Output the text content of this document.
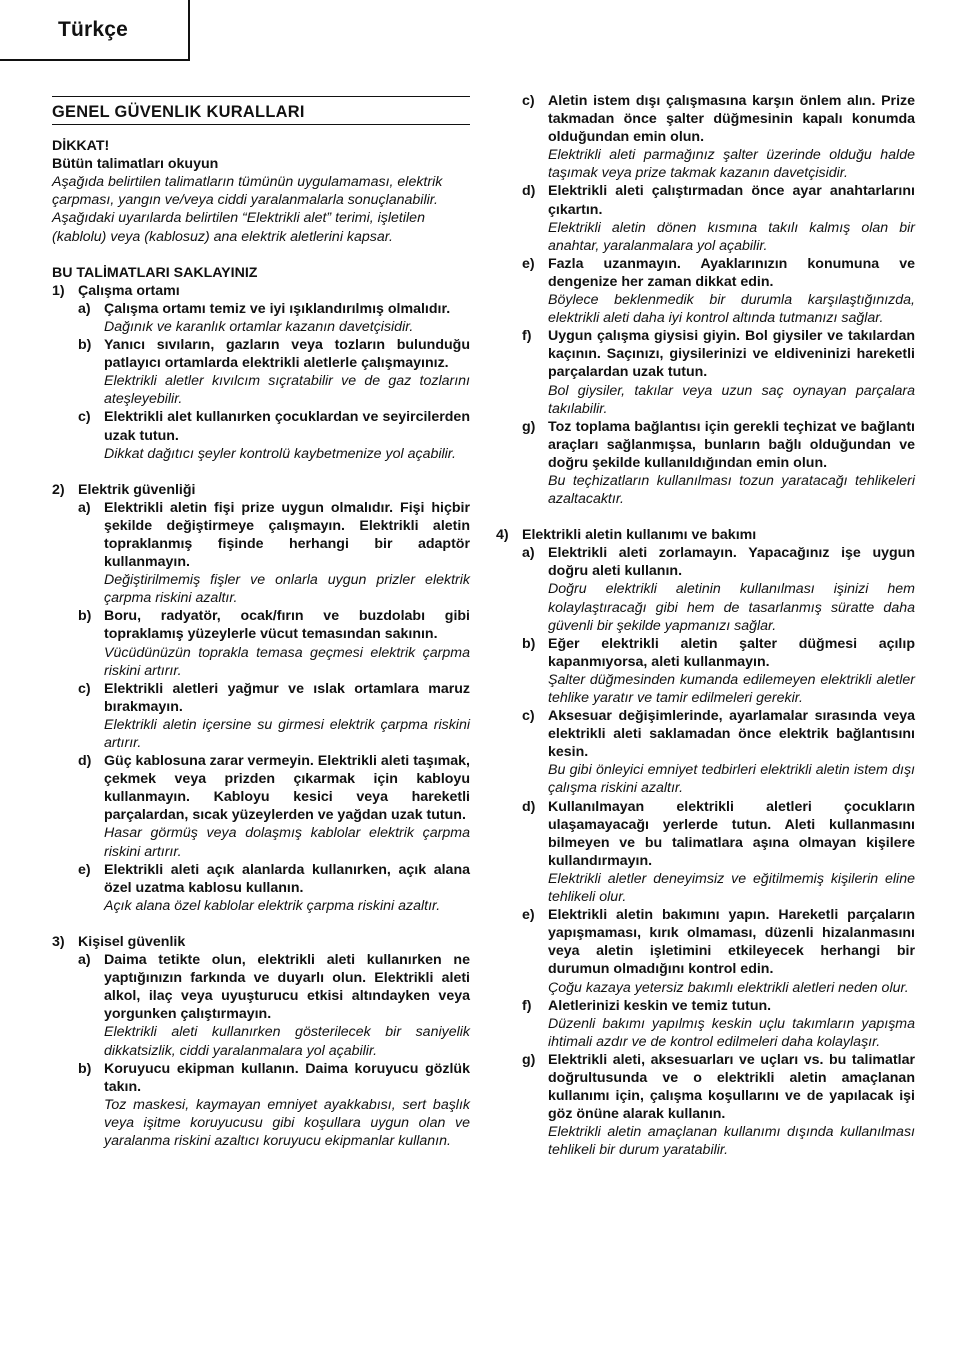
Türkçe
GENEL GÜVENLIK KURALLARI
DİKKAT!
Bütün talimatları okuyun
Aşağıda belirtilen talimatların tümünün uygulamaması, elektrik çarpması, yangın ve/veya ciddi yaralanmalarla sonuçlanabilir. Aşağıdaki uyarılarda belirtilen “Elektrikli alet” terimi, işletilen (kablolu) veya (kablosuz) ana elektrik aletlerini kapsar.
BU TALİMATLARI SAKLAYINIZ
1) Çalışma ortamı
a) Çalışma ortamı temiz ve iyi ışıklandırılmış olmalıdır.
Dağınık ve karanlık ortamlar kazanın davetçisidir.
b) Yanıcı sıvıların, gazların veya tozların bulunduğu patlayıcı ortamlarda elektrikli aletlerle çalışmayınız.
Elektrikli aletler kıvılcım sıçratabilir ve de gaz tozlarını ateşleyebilir.
c) Elektrikli alet kullanırken çocuklardan ve seyircilerden uzak tutun.
Dikkat dağıtıcı şeyler kontrolü kaybetmenize yol açabilir.
2) Elektrik güvenliği
a) Elektrikli aletin fişi prize uygun olmalıdır. Fişi hiçbir şekilde değiştirmeye çalışmayın. Elektrikli aletin topraklanmış fişinde herhangi bir adaptör kullanmayın.
Değiştirilmemiş fişler ve onlarla uygun prizler elektrik çarpma riskini azaltır.
b) Boru, radyatör, ocak/fırın ve buzdolabı gibi topraklamış yüzeylerle vücut temasından sakının.
Vücüdünüzün toprakla temasa geçmesi elektrik çarpma riskini artırır.
c) Elektrikli aletleri yağmur ve ıslak ortamlara maruz bırakmayın.
Elektrikli aletin içersine su girmesi elektrik çarpma riskini artırır.
d) Güç kablosuna zarar vermeyin. Elektrikli aleti taşımak, çekmek veya prizden çıkarmak için kabloyu kullanmayın. Kabloyu kesici veya hareketli parçalardan, sıcak yüzeylerden ve yağdan uzak tutun.
Hasar görmüş veya dolaşmış kablolar elektrik çarpma riskini artırır.
e) Elektrikli aleti açık alanlarda kullanırken, açık alana özel uzatma kablosu kullanın.
Açık alana özel kablolar elektrik çarpma riskini azaltır.
3) Kişisel güvenlik
a) Daima tetikte olun, elektrikli aleti kullanırken ne yaptığınızın farkında ve duyarlı olun. Elektrikli aleti alkol, ilaç veya uyuşturucu etkisi altındayken veya yorgunken çalıştırmayın.
Elektrikli aleti kullanırken gösterilecek bir saniyelik dikkatsizlik, ciddi yaralanmalara yol açabilir.
b) Koruyucu ekipman kullanın. Daima koruyucu gözlük takın.
Toz maskesi, kaymayan emniyet ayakkabısı, sert başlık veya işitme koruyucusu gibi koşullara uygun olan ve yaralanma riskini azaltıcı koruyucu ekipmanlar kullanın.
c) Aletin istem dışı çalışmasına karşın önlem alın. Prize takmadan önce şalter düğmesinin kapalı konumda olduğundan emin olun.
Elektrikli aleti parmağınız şalter üzerinde olduğu halde taşımak veya prize takmak kazanın davetçisidir.
d) Elektrikli aleti çalıştırmadan önce ayar anahtarlarını çıkartın.
Elektrikli aletin dönen kısmına takılı kalmış olan bir anahtar, yaralanmalara yol açabilir.
e) Fazla uzanmayın. Ayaklarınızın konumuna ve dengenize her zaman dikkat edin.
Böylece beklenmedik bir durumla karşılaştığınızda, elektrikli aleti daha iyi kontrol altında tutmanızı sağlar.
f)	Uygun çalışma giysisi giyin. Bol giysiler ve takılardan kaçının. Saçınızı, giysilerinizi ve eldiveninizi hareketli parçalardan uzak tutun.
Bol giysiler, takılar veya uzun saç oynayan parçalara takılabilir.
g) Toz toplama bağlantısı için gerekli teçhizat ve bağlantı araçları sağlanmışsa, bunların bağlı olduğundan ve doğru şekilde kullanıldığından emin olun.
Bu teçhizatların kullanılması tozun yaratacağı tehlikeleri azaltacaktır.
4) Elektrikli aletin kullanımı ve bakımı
a) Elektrikli aleti zorlamayın. Yapacağınız işe uygun doğru aleti kullanın.
Doğru elektrikli aletinin kullanılması işinizi hem kolaylaştıracağı gibi hem de tasarlanmış süratte daha güvenli bir şekilde yapmanızı sağlar.
b) Eğer elektrikli aletin şalter düğmesi açılıp kapanmıyorsa, aleti kullanmayın.
Şalter düğmesinden kumanda edilemeyen elektrikli aletler tehlike yaratır ve tamir edilmeleri gerekir.
c) Aksesuar değişimlerinde, ayarlamalar sırasında veya elektrikli aleti saklamadan önce elektrik bağlantısını kesin.
Bu gibi önleyici emniyet tedbirleri elektrikli aletin istem dışı çalışma riskini azaltır.
d) Kullanılmayan elektrikli aletleri çocukların ulaşamayacağı yerlerde tutun. Aleti kullanmasını bilmeyen ve bu talimatlara aşına olmayan kişilere kullandırmayın.
Elektrikli aletler deneyimsiz ve eğitilmemiş kişilerin eline tehlikeli olur.
e) Elektrikli aletin bakımını yapın. Hareketli parçaların yapışmaması, kırık olmaması, düzenli hizalanmasını veya aletin işletimini etkileyecek herhangi bir durumun olmadığını kontrol edin.
Çoğu kazaya yetersiz bakımlı elektrikli aletleri neden olur.
f)	Aletlerinizi keskin ve temiz tutun.
Düzenli bakımı yapılmış keskin uçlu takımların yapışma ihtimali azdır ve de kontrol edilmeleri daha kolaylaşır.
g) Elektrikli aleti, aksesuarları ve uçları vs. bu talimatlar doğrultusunda ve o elektrikli aletin amaçlanan kullanımı için, çalışma koşullarını ve de yapılacak işi göz önüne alarak kullanın.
Elektrikli aletin amaçlanan kullanımı dışında kullanılması tehlikeli bir durum yaratabilir.
